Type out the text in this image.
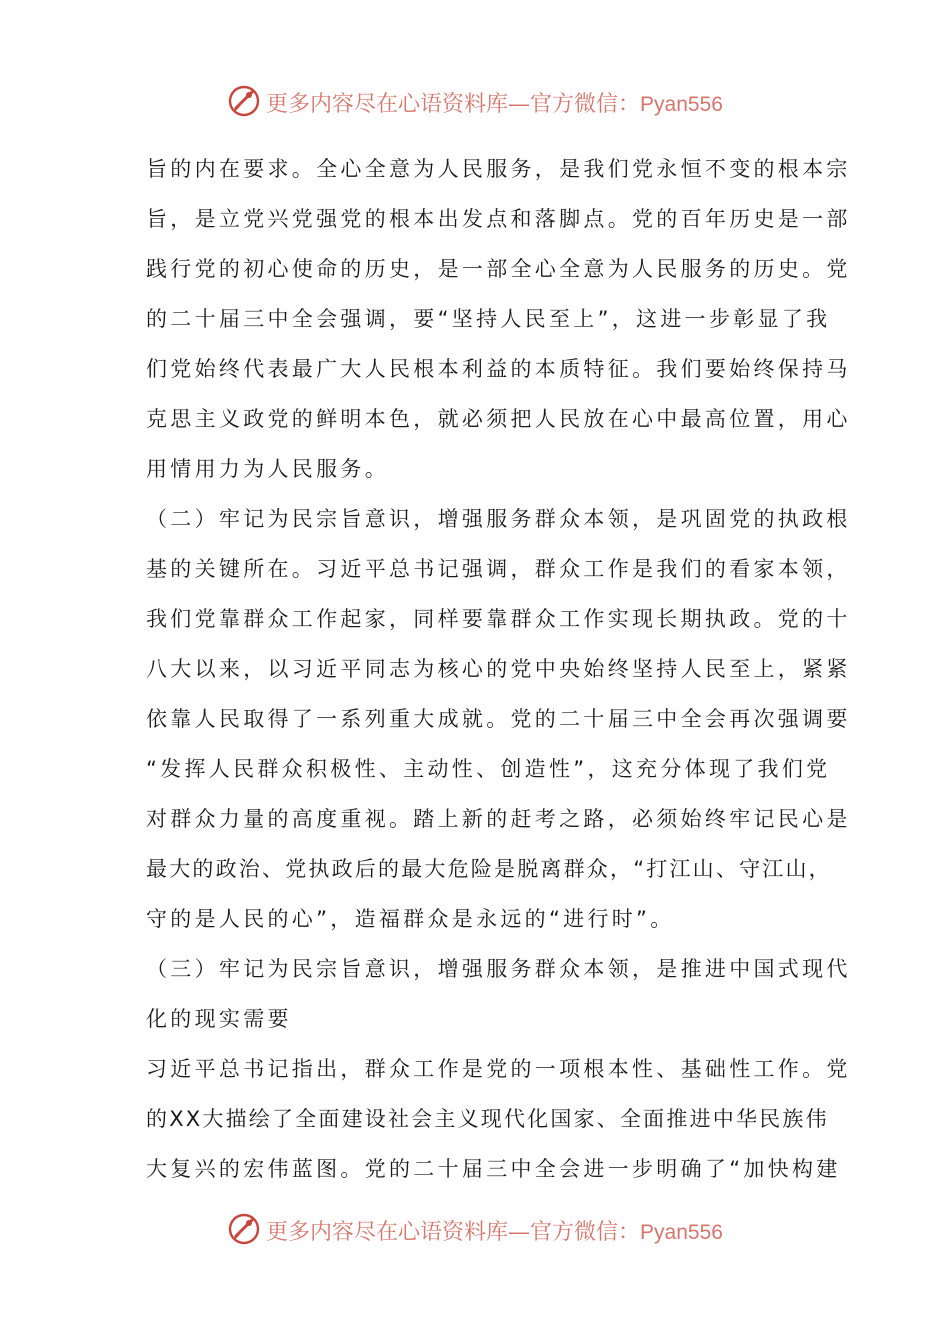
更多内容尽在心语资料库—官方微信：Pyan556
旨的内在要求。全心全意为人民服务，是我们党永恒不变的根本宗
旨，是立党兴党强党的根本出发点和落脚点。党的百年历史是一部
践行党的初心使命的历史，是一部全心全意为人民服务的历史。党
的二十届三中全会强调，要“坚持人民至上”，这进一步彰显了我
们党始终代表最广大人民根本利益的本质特征。我们要始终保持马
克思主义政党的鲜明本色，就必须把人民放在心中最高位置，用心
用情用力为人民服务。
（二）牢记为民宗旨意识，增强服务群众本领，是巩固党的执政根
基的关键所在。习近平总书记强调，群众工作是我们的看家本领，
我们党靠群众工作起家，同样要靠群众工作实现长期执政。党的十
八大以来，以习近平同志为核心的党中央始终坚持人民至上，紧紧
依靠人民取得了一系列重大成就。党的二十届三中全会再次强调要
“发挥人民群众积极性、主动性、创造性”，这充分体现了我们党
对群众力量的高度重视。踏上新的赶考之路，必须始终牢记民心是
最大的政治、党执政后的最大危险是脱离群众，“打江山、守江山，
守的是人民的心”，造福群众是永远的“进行时”。
（三）牢记为民宗旨意识，增强服务群众本领，是推进中国式现代
化的现实需要
习近平总书记指出，群众工作是党的一项根本性、基础性工作。党
的XX大描绘了全面建设社会主义现代化国家、全面推进中华民族伟
大复兴的宏伟蓝图。党的二十届三中全会进一步明确了“加快构建
更多内容尽在心语资料库—官方微信：Pyan556
